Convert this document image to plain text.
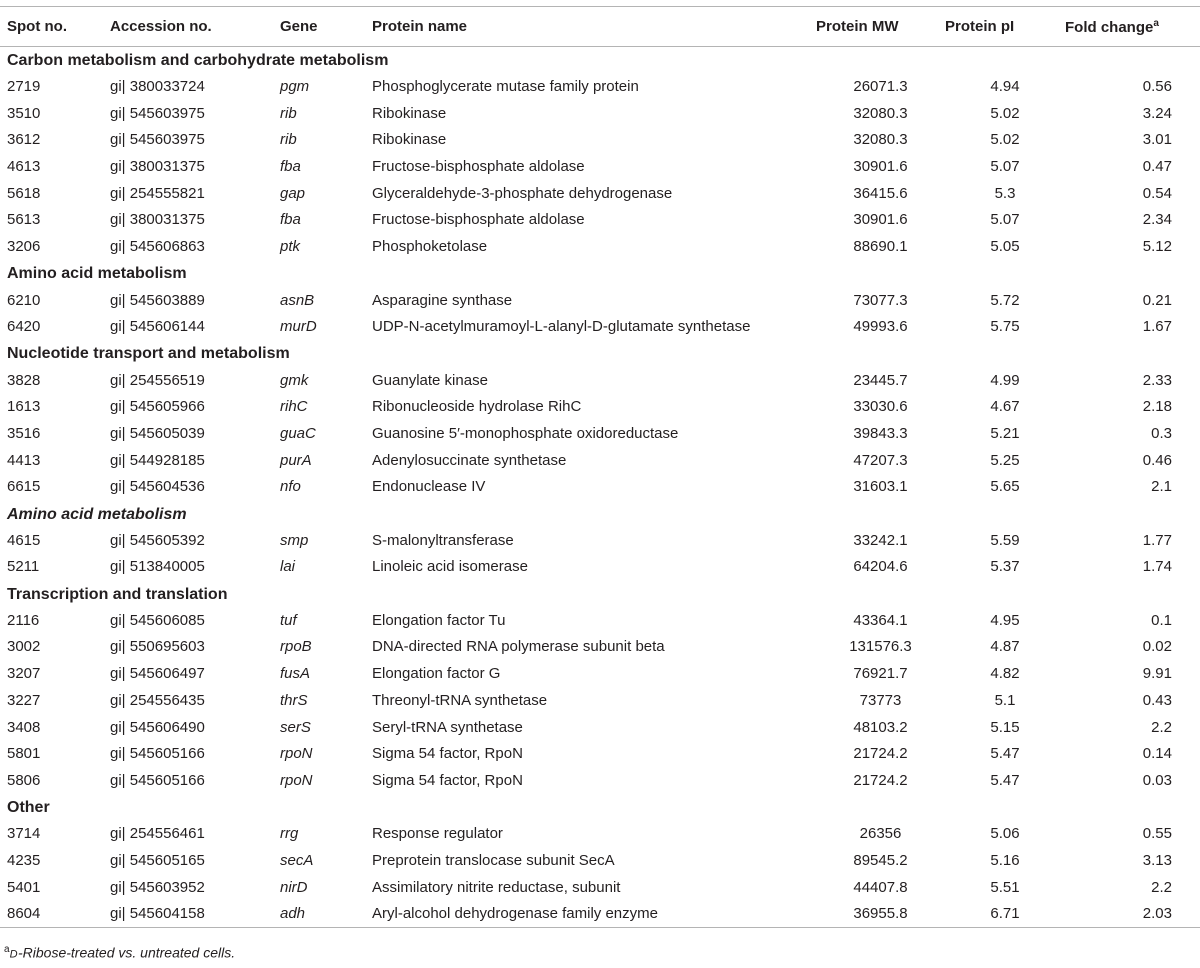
Spot no.	Accession no.	Gene	Protein name	Protein MW	Protein pI	Fold change$^a$
Carbon metabolism and carbohydrate metabolism						
2719	gi| 380033724	pgm	Phosphoglycerate mutase family protein	26071.3	4.94	0.56
3510	gi| 545603975	rib	Ribokinase	32080.3	5.02	3.24
3612	gi| 545603975	rib	Ribokinase	32080.3	5.02	3.01
4613	gi| 380031375	fba	Fructose-bisphosphate aldolase	30901.6	5.07	0.47
5618	gi| 254555821	gap	Glyceraldehyde-3-phosphate dehydrogenase	36415.6	5.3	0.54
5613	gi| 380031375	fba	Fructose-bisphosphate aldolase	30901.6	5.07	2.34
3206	gi| 545606863	ptk	Phosphoketolase	88690.1	5.05	5.12
Amino acid metabolism						
6210	gi| 545603889	asnB	Asparagine synthase	73077.3	5.72	0.21
6420	gi| 545606144	murD	UDP-N-acetylmuramoyl-L-alanyl-D-glutamate synthetase	49993.6	5.75	1.67
Nucleotide transport and metabolism						
3828	gi| 254556519	gmk	Guanylate kinase	23445.7	4.99	2.33
1613	gi| 545605966	rihC	Ribonucleoside hydrolase RihC	33030.6	4.67	2.18
3516	gi| 545605039	guaC	Guanosine 5′-monophosphate oxidoreductase	39843.3	5.21	0.3
4413	gi| 544928185	purA	Adenylosuccinate synthetase	47207.3	5.25	0.46
6615	gi| 545604536	nfo	Endonuclease IV	31603.1	5.65	2.1
Amino acid metabolism						
4615	gi| 545605392	smp	S-malonyltransferase	33242.1	5.59	1.77
5211	gi| 513840005	lai	Linoleic acid isomerase	64204.6	5.37	1.74
Transcription and translation						
2116	gi| 545606085	tuf	Elongation factor Tu	43364.1	4.95	0.1
3002	gi| 550695603	rpoB	DNA-directed RNA polymerase subunit beta	131576.3	4.87	0.02
3207	gi| 545606497	fusA	Elongation factor G	76921.7	4.82	9.91
3227	gi| 254556435	thrS	Threonyl-tRNA synthetase	73773	5.1	0.43
3408	gi| 545606490	serS	Seryl-tRNA synthetase	48103.2	5.15	2.2
5801	gi| 545605166	rpoN	Sigma 54 factor, RpoN	21724.2	5.47	0.14
5806	gi| 545605166	rpoN	Sigma 54 factor, RpoN	21724.2	5.47	0.03
Other						
3714	gi| 254556461	rrg	Response regulator	26356	5.06	0.55
4235	gi| 545605165	secA	Preprotein translocase subunit SecA	89545.2	5.16	3.13
5401	gi| 545603952	nirD	Assimilatory nitrite reductase, subunit	44407.8	5.51	2.2
8604	gi| 545604158	adh	Aryl-alcohol dehydrogenase family enzyme	36955.8	6.71	2.03
$^a$D-Ribose-treated vs. untreated cells.
